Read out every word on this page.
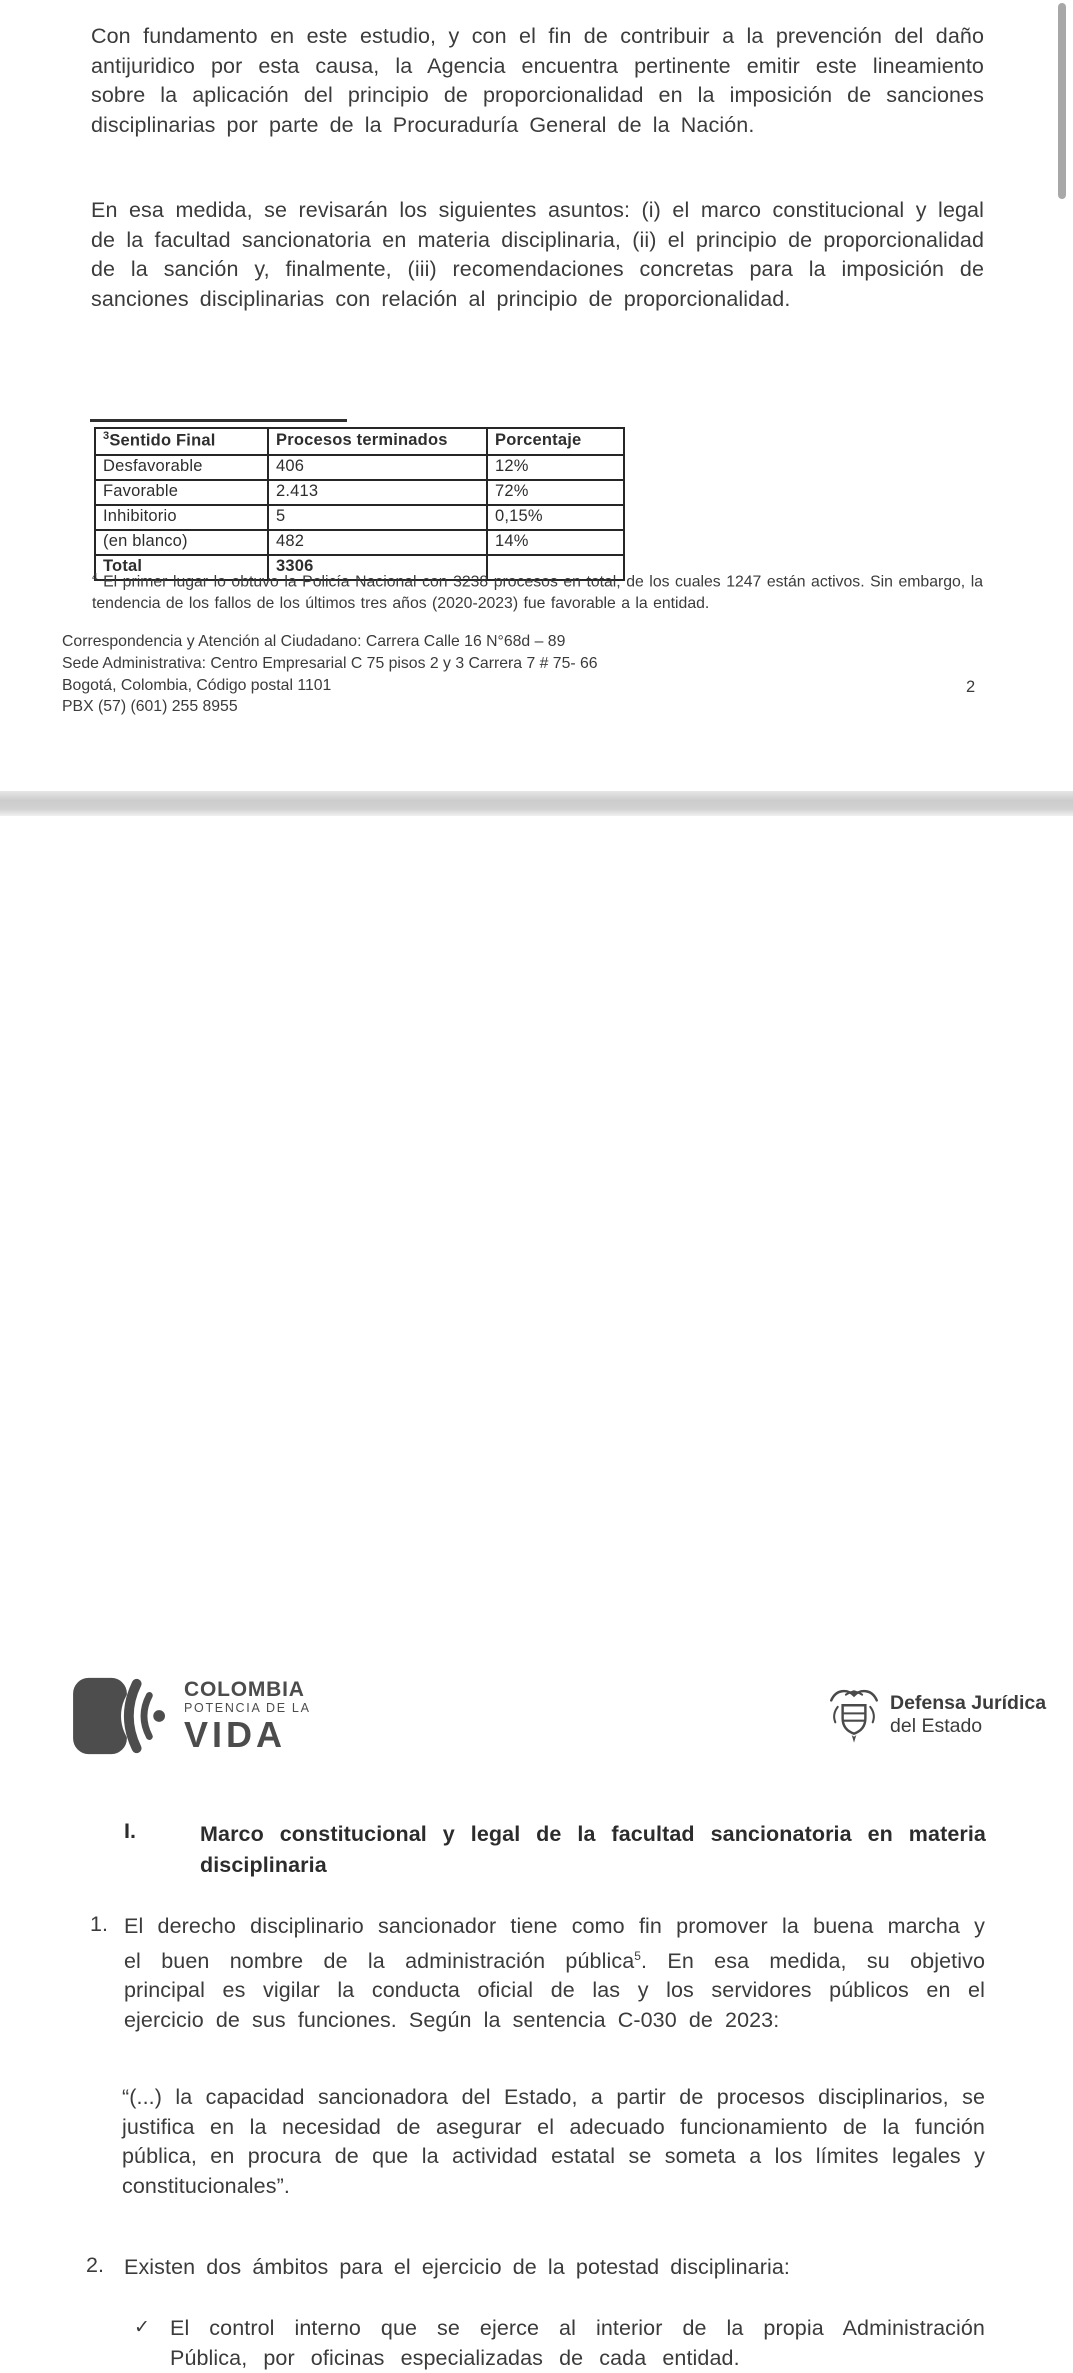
Con fundamento en este estudio, y con el fin de contribuir a la prevención del daño antijuridico por esta causa, la Agencia encuentra pertinente emitir este lineamiento sobre la aplicación del principio de proporcionalidad en la imposición de sanciones disciplinarias por parte de la Procuraduría General de la Nación.
En esa medida, se revisarán los siguientes asuntos: (i) el marco constitucional y legal de la facultad sancionatoria en materia disciplinaria, (ii) el principio de proporcionalidad de la sanción y, finalmente, (iii) recomendaciones concretas para la imposición de sanciones disciplinarias con relación al principio de proporcionalidad.
$^3$Sentido Final	Procesos terminados	Porcentaje
Desfavorable	406	12%
Favorable	2.413	72%
Inhibitorio	5	0,15%
(en blanco)	482	14%
Total	3306	
$^4$ El primer lugar lo obtuvo la Policía Nacional con 3238 procesos en total, de los cuales 1247 están activos. Sin embargo, la tendencia de los fallos de los últimos tres años (2020-2023) fue favorable a la entidad.
Correspondencia y Atención al Ciudadano: Carrera Calle 16 N°68d – 89
Sede Administrativa: Centro Empresarial C 75 pisos 2 y 3 Carrera 7 # 75- 66
Bogotá, Colombia, Código postal 1101
PBX (57) (601) 255 8955
2
COLOMBIA
POTENCIA DE LA
VIDA
Defensa Jurídica
del Estado
I.	Marco constitucional y legal de la facultad sancionatoria en materia disciplinaria
1. El derecho disciplinario sancionador tiene como fin promover la buena marcha y el buen nombre de la administración pública$^5$. En esa medida, su objetivo principal es vigilar la conducta oficial de las y los servidores públicos en el ejercicio de sus funciones. Según la sentencia C-030 de 2023:
“(...) la capacidad sancionadora del Estado, a partir de procesos disciplinarios, se justifica en la necesidad de asegurar el adecuado funcionamiento de la función pública, en procura de que la actividad estatal se someta a los límites legales y constitucionales”.
2. Existen dos ámbitos para el ejercicio de la potestad disciplinaria:
✓ El control interno que se ejerce al interior de la propia Administración Pública, por oficinas especializadas de cada entidad.
